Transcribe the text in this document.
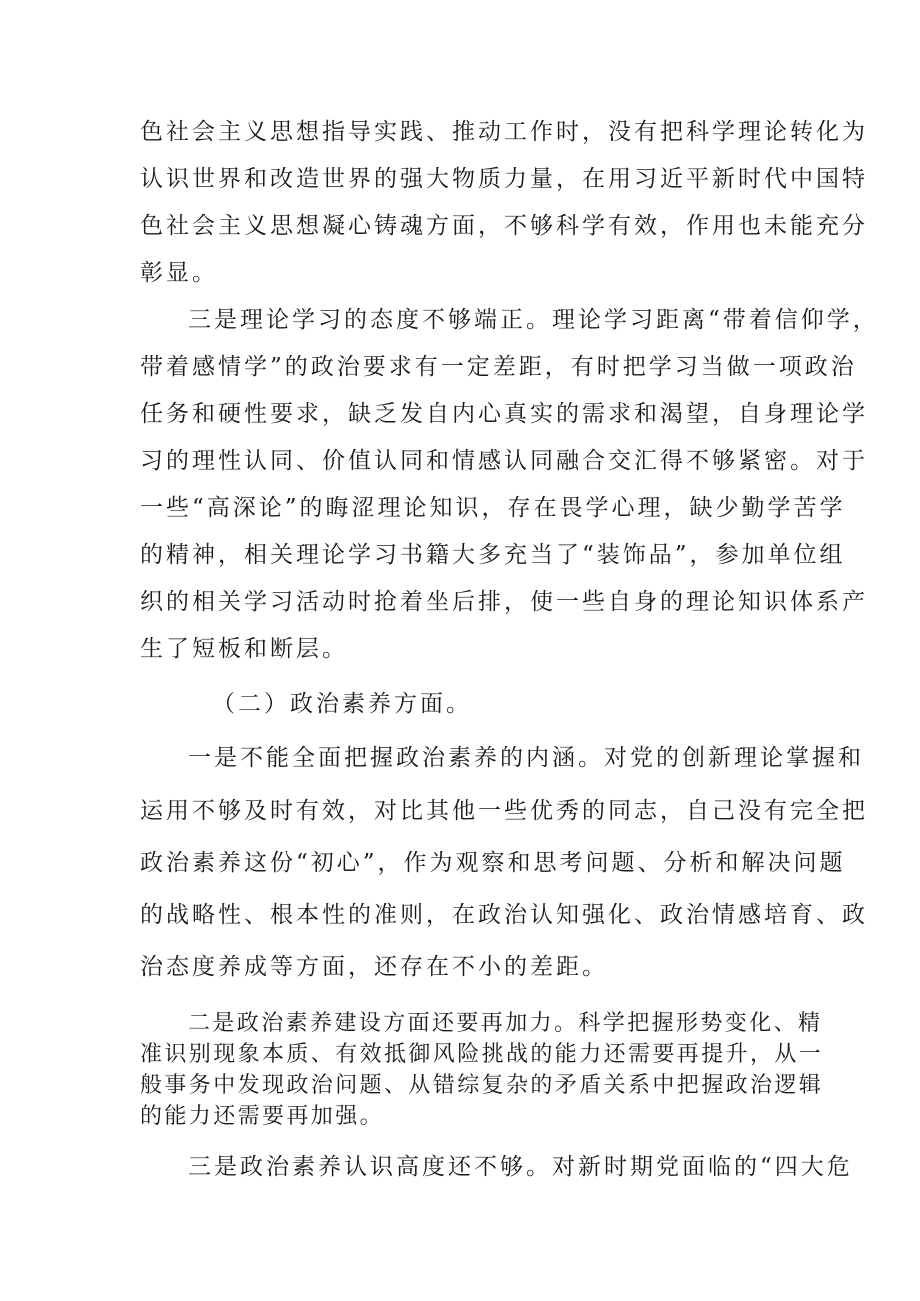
色社会主义思想指导实践、推动工作时，没有把科学理论转化为
认识世界和改造世界的强大物质力量，在用习近平新时代中国特
色社会主义思想凝心铸魂方面，不够科学有效，作用也未能充分
彰显。
三是理论学习的态度不够端正。理论学习距离“带着信仰学，
带着感情学”的政治要求有一定差距，有时把学习当做一项政治
任务和硬性要求，缺乏发自内心真实的需求和渴望，自身理论学
习的理性认同、价值认同和情感认同融合交汇得不够紧密。对于
一些“高深论”的晦涩理论知识，存在畏学心理，缺少勤学苦学
的精神，相关理论学习书籍大多充当了“装饰品”，参加单位组
织的相关学习活动时抢着坐后排，使一些自身的理论知识体系产
生了短板和断层。
（二）政治素养方面。
一是不能全面把握政治素养的内涵。对党的创新理论掌握和
运用不够及时有效，对比其他一些优秀的同志，自己没有完全把
政治素养这份“初心”，作为观察和思考问题、分析和解决问题
的战略性、根本性的准则，在政治认知强化、政治情感培育、政
治态度养成等方面，还存在不小的差距。
二是政治素养建设方面还要再加力。科学把握形势变化、精
准识别现象本质、有效抵御风险挑战的能力还需要再提升，从一
般事务中发现政治问题、从错综复杂的矛盾关系中把握政治逻辑
的能力还需要再加强。
三是政治素养认识高度还不够。对新时期党面临的“四大危
